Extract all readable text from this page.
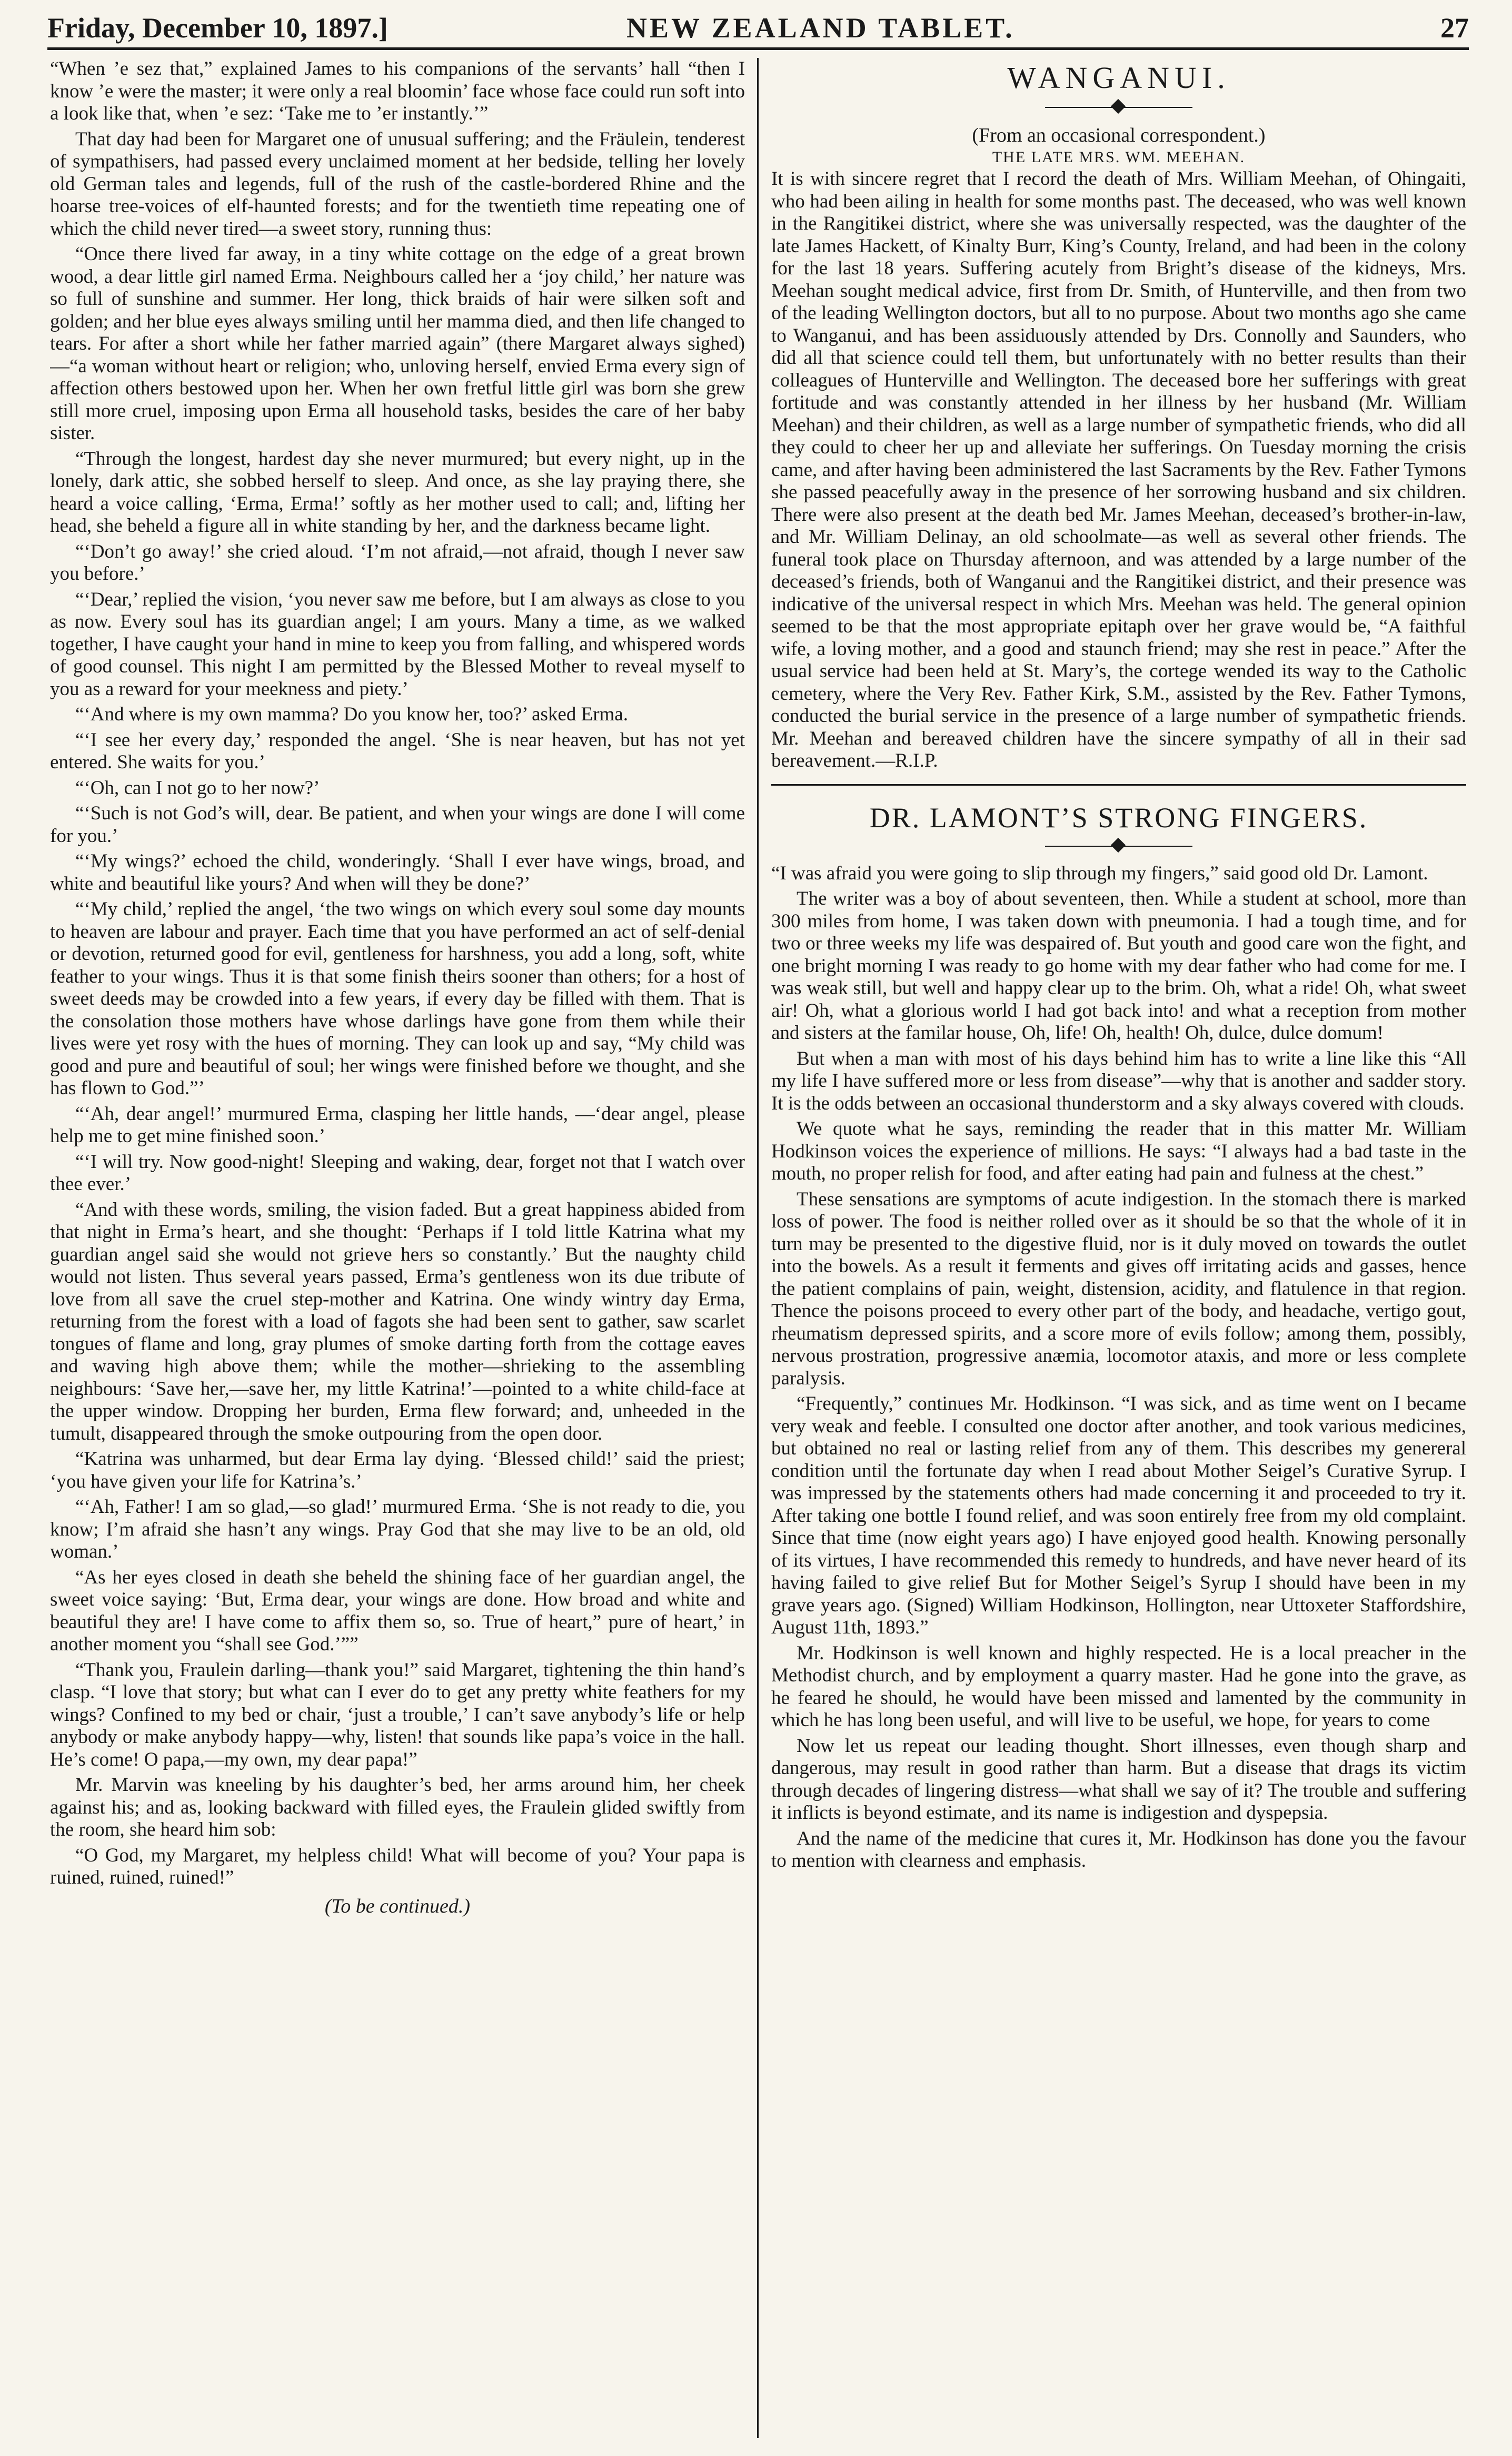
Friday, December 10, 1897.]	NEW ZEALAND TABLET.	27

“When ’e sez that,” explained James to his companions of the servants’ hall “then I know ’e were the master; it were only a real bloomin’ face whose face could run soft into a look like that, when ’e sez: ‘Take me to ’er instantly.’”

That day had been for Margaret one of unusual suffering; and the Fräulein, tenderest of sympathisers, had passed every unclaimed moment at her bedside, telling her lovely old German tales and legends, full of the rush of the castle-bordered Rhine and the hoarse tree-voices of elf-haunted forests; and for the twentieth time repeating one of which the child never tired—a sweet story, running thus:

“Once there lived far away, in a tiny white cottage on the edge of a great brown wood, a dear little girl named Erma. Neighbours called her a ‘joy child,’ her nature was so full of sunshine and summer. Her long, thick braids of hair were silken soft and golden; and her blue eyes always smiling until her mamma died, and then life changed to tears. For after a short while her father married again” (there Margaret always sighed)—“a woman without heart or religion; who, unloving herself, envied Erma every sign of affection others bestowed upon her. When her own fretful little girl was born she grew still more cruel, imposing upon Erma all household tasks, besides the care of her baby sister.

“Through the longest, hardest day she never murmured; but every night, up in the lonely, dark attic, she sobbed herself to sleep. And once, as she lay praying there, she heard a voice calling, ‘Erma, Erma!’ softly as her mother used to call; and, lifting her head, she beheld a figure all in white standing by her, and the darkness became light.

“‘Don’t go away!’ she cried aloud. ‘I’m not afraid,—not afraid, though I never saw you before.’

“‘Dear,’ replied the vision, ‘you never saw me before, but I am always as close to you as now. Every soul has its guardian angel; I am yours. Many a time, as we walked together, I have caught your hand in mine to keep you from falling, and whispered words of good counsel. This night I am permitted by the Blessed Mother to reveal myself to you as a reward for your meekness and piety.’

“‘And where is my own mamma? Do you know her, too?’ asked Erma.

“‘I see her every day,’ responded the angel. ‘She is near heaven, but has not yet entered. She waits for you.’

“‘Oh, can I not go to her now?’

“‘Such is not God’s will, dear. Be patient, and when your wings are done I will come for you.’

“‘My wings?’ echoed the child, wonderingly. ‘Shall I ever have wings, broad, and white and beautiful like yours? And when will they be done?’

“‘My child,’ replied the angel, ‘the two wings on which every soul some day mounts to heaven are labour and prayer. Each time that you have performed an act of self-denial or devotion, returned good for evil, gentleness for harshness, you add a long, soft, white feather to your wings. Thus it is that some finish theirs sooner than others; for a host of sweet deeds may be crowded into a few years, if every day be filled with them. That is the consolation those mothers have whose darlings have gone from them while their lives were yet rosy with the hues of morning. They can look up and say, “My child was good and pure and beautiful of soul; her wings were finished before we thought, and she has flown to God.”’

“‘Ah, dear angel!’ murmured Erma, clasping her little hands, —‘dear angel, please help me to get mine finished soon.’

“‘I will try. Now good-night! Sleeping and waking, dear, forget not that I watch over thee ever.’

“And with these words, smiling, the vision faded. But a great happiness abided from that night in Erma’s heart, and she thought: ‘Perhaps if I told little Katrina what my guardian angel said she would not grieve hers so constantly.’ But the naughty child would not listen. Thus several years passed, Erma’s gentleness won its due tribute of love from all save the cruel step-mother and Katrina. One windy wintry day Erma, returning from the forest with a load of fagots she had been sent to gather, saw scarlet tongues of flame and long, gray plumes of smoke darting forth from the cottage eaves and waving high above them; while the mother—shrieking to the assembling neighbours: ‘Save her,—save her, my little Katrina!’—pointed to a white child-face at the upper window. Dropping her burden, Erma flew forward; and, unheeded in the tumult, disappeared through the smoke outpouring from the open door.

“Katrina was unharmed, but dear Erma lay dying. ‘Blessed child!’ said the priest; ‘you have given your life for Katrina’s.’

“‘Ah, Father! I am so glad,—so glad!’ murmured Erma. ‘She is not ready to die, you know; I’m afraid she hasn’t any wings. Pray God that she may live to be an old, old woman.’

“As her eyes closed in death she beheld the shining face of her guardian angel, the sweet voice saying: ‘But, Erma dear, your wings are done. How broad and white and beautiful they are! I have come to affix them so, so. True of heart,” pure of heart,’ in another moment you “shall see God.’””

“Thank you, Fraulein darling—thank you!” said Margaret, tightening the thin hand’s clasp. “I love that story; but what can I ever do to get any pretty white feathers for my wings? Confined to my bed or chair, ‘just a trouble,’ I can’t save anybody’s life or help anybody or make anybody happy—why, listen! that sounds like papa’s voice in the hall. He’s come! O papa,—my own, my dear papa!”

Mr. Marvin was kneeling by his daughter’s bed, her arms around him, her cheek against his; and as, looking backward with filled eyes, the Fraulein glided swiftly from the room, she heard him sob:

“O God, my Margaret, my helpless child! What will become of you? Your papa is ruined, ruined, ruined!”

(To be continued.)
WANGANUI.
(From an occasional correspondent.)
THE LATE MRS. WM. MEEHAN.

It is with sincere regret that I record the death of Mrs. William Meehan, of Ohingaiti, who had been ailing in health for some months past. The deceased, who was well known in the Rangitikei district, where she was universally respected, was the daughter of the late James Hackett, of Kinalty Burr, King’s County, Ireland, and had been in the colony for the last 18 years. Suffering acutely from Bright’s disease of the kidneys, Mrs. Meehan sought medical advice, first from Dr. Smith, of Hunterville, and then from two of the leading Wellington doctors, but all to no purpose. About two months ago she came to Wanganui, and has been assiduously attended by Drs. Connolly and Saunders, who did all that science could tell them, but unfortunately with no better results than their colleagues of Hunterville and Wellington. The deceased bore her sufferings with great fortitude and was constantly attended in her illness by her husband (Mr. William Meehan) and their children, as well as a large number of sympathetic friends, who did all they could to cheer her up and alleviate her sufferings. On Tuesday morning the crisis came, and after having been administered the last Sacraments by the Rev. Father Tymons she passed peacefully away in the presence of her sorrowing husband and six children. There were also present at the death bed Mr. James Meehan, deceased’s brother-in-law, and Mr. William Delinay, an old schoolmate—as well as several other friends. The funeral took place on Thursday afternoon, and was attended by a large number of the deceased’s friends, both of Wanganui and the Rangitikei district, and their presence was indicative of the universal respect in which Mrs. Meehan was held. The general opinion seemed to be that the most appropriate epitaph over her grave would be, “A faithful wife, a loving mother, and a good and staunch friend; may she rest in peace.” After the usual service had been held at St. Mary’s, the cortege wended its way to the Catholic cemetery, where the Very Rev. Father Kirk, S.M., assisted by the Rev. Father Tymons, conducted the burial service in the presence of a large number of sympathetic friends. Mr. Meehan and bereaved children have the sincere sympathy of all in their sad bereavement.—R.I.P.

DR. LAMONT’S STRONG FINGERS.

“I was afraid you were going to slip through my fingers,” said good old Dr. Lamont.

The writer was a boy of about seventeen, then. While a student at school, more than 300 miles from home, I was taken down with pneumonia. I had a tough time, and for two or three weeks my life was despaired of. But youth and good care won the fight, and one bright morning I was ready to go home with my dear father who had come for me. I was weak still, but well and happy clear up to the brim. Oh, what a ride! Oh, what sweet air! Oh, what a glorious world I had got back into! and what a reception from mother and sisters at the familar house, Oh, life! Oh, health! Oh, dulce, dulce domum!

But when a man with most of his days behind him has to write a line like this “All my life I have suffered more or less from disease”—why that is another and sadder story. It is the odds between an occasional thunderstorm and a sky always covered with clouds.

We quote what he says, reminding the reader that in this matter Mr. William Hodkinson voices the experience of millions. He says: “I always had a bad taste in the mouth, no proper relish for food, and after eating had pain and fulness at the chest.”

These sensations are symptoms of acute indigestion. In the stomach there is marked loss of power. The food is neither rolled over as it should be so that the whole of it in turn may be presented to the digestive fluid, nor is it duly moved on towards the outlet into the bowels. As a result it ferments and gives off irritating acids and gasses, hence the patient complains of pain, weight, distension, acidity, and flatulence in that region. Thence the poisons proceed to every other part of the body, and headache, vertigo gout, rheumatism depressed spirits, and a score more of evils follow; among them, possibly, nervous prostration, progressive anæmia, locomotor ataxis, and more or less complete paralysis.

“Frequently,” continues Mr. Hodkinson. “I was sick, and as time went on I became very weak and feeble. I consulted one doctor after another, and took various medicines, but obtained no real or lasting relief from any of them. This describes my genereral condition until the fortunate day when I read about Mother Seigel’s Curative Syrup. I was impressed by the statements others had made concerning it and proceeded to try it. After taking one bottle I found relief, and was soon entirely free from my old complaint. Since that time (now eight years ago) I have enjoyed good health. Knowing personally of its virtues, I have recommended this remedy to hundreds, and have never heard of its having failed to give relief But for Mother Seigel’s Syrup I should have been in my grave years ago. (Signed) William Hodkinson, Hollington, near Uttoxeter Staffordshire, August 11th, 1893.”

Mr. Hodkinson is well known and highly respected. He is a local preacher in the Methodist church, and by employment a quarry master. Had he gone into the grave, as he feared he should, he would have been missed and lamented by the community in which he has long been useful, and will live to be useful, we hope, for years to come

Now let us repeat our leading thought. Short illnesses, even though sharp and dangerous, may result in good rather than harm. But a disease that drags its victim through decades of lingering distress—what shall we say of it? The trouble and suffering it inflicts is beyond estimate, and its name is indigestion and dyspepsia.

And the name of the medicine that cures it, Mr. Hodkinson has done you the favour to mention with clearness and emphasis.
